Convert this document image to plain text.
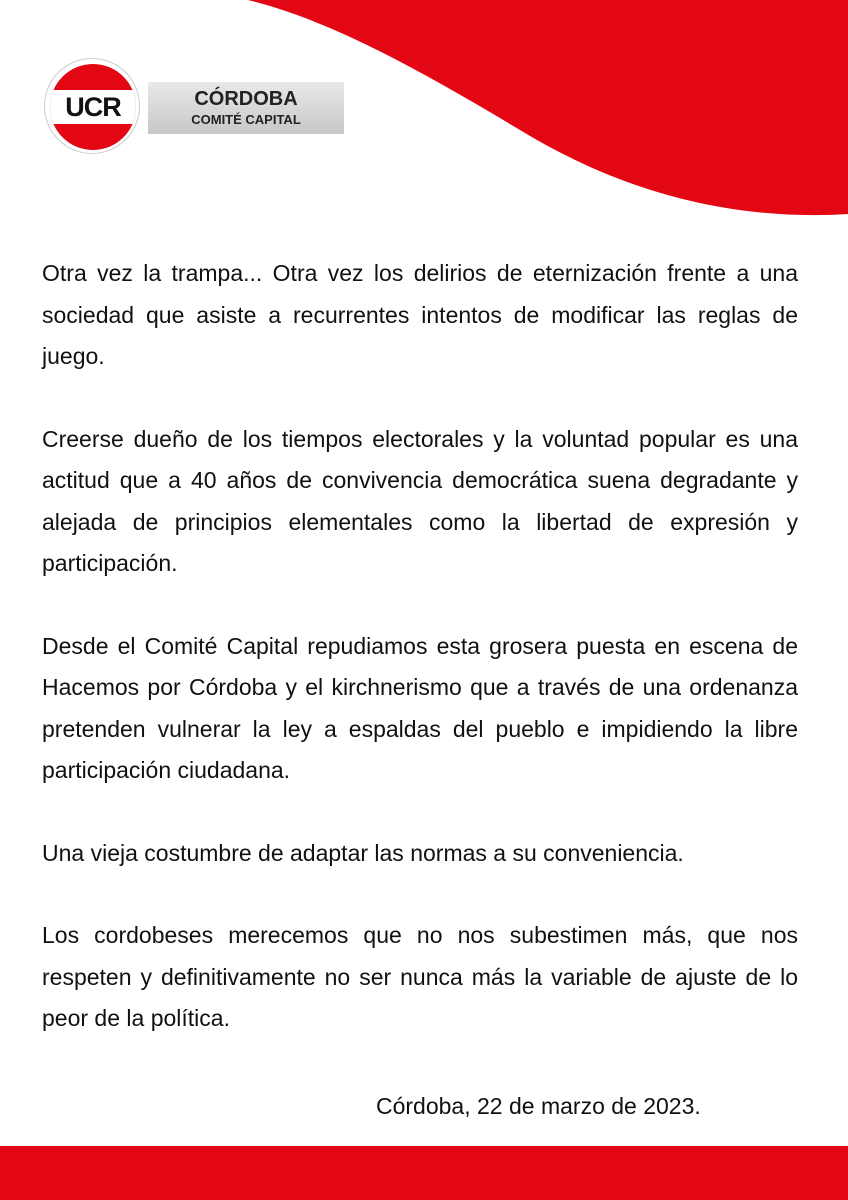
UCR	CÓRDOBA
COMITÉ CAPITAL

Otra vez la trampa... Otra vez los delirios de eternización frente a una sociedad que asiste a recurrentes intentos de modificar las reglas de juego.

Creerse dueño de los tiempos electorales y la voluntad popular es una actitud que a 40 años de convivencia democrática suena degradante y alejada de principios elementales como la libertad de expresión y participación.

Desde el Comité Capital repudiamos esta grosera puesta en escena de Hacemos por Córdoba y el kirchnerismo que a través de una ordenanza pretenden vulnerar la ley a espaldas del pueblo e impidiendo la libre participación ciudadana.

Una vieja costumbre de adaptar las normas a su conveniencia.

Los cordobeses merecemos que no nos subestimen más, que nos respeten y definitivamente no ser nunca más la variable de ajuste de lo peor de la política.

Córdoba, 22 de marzo de 2023.
